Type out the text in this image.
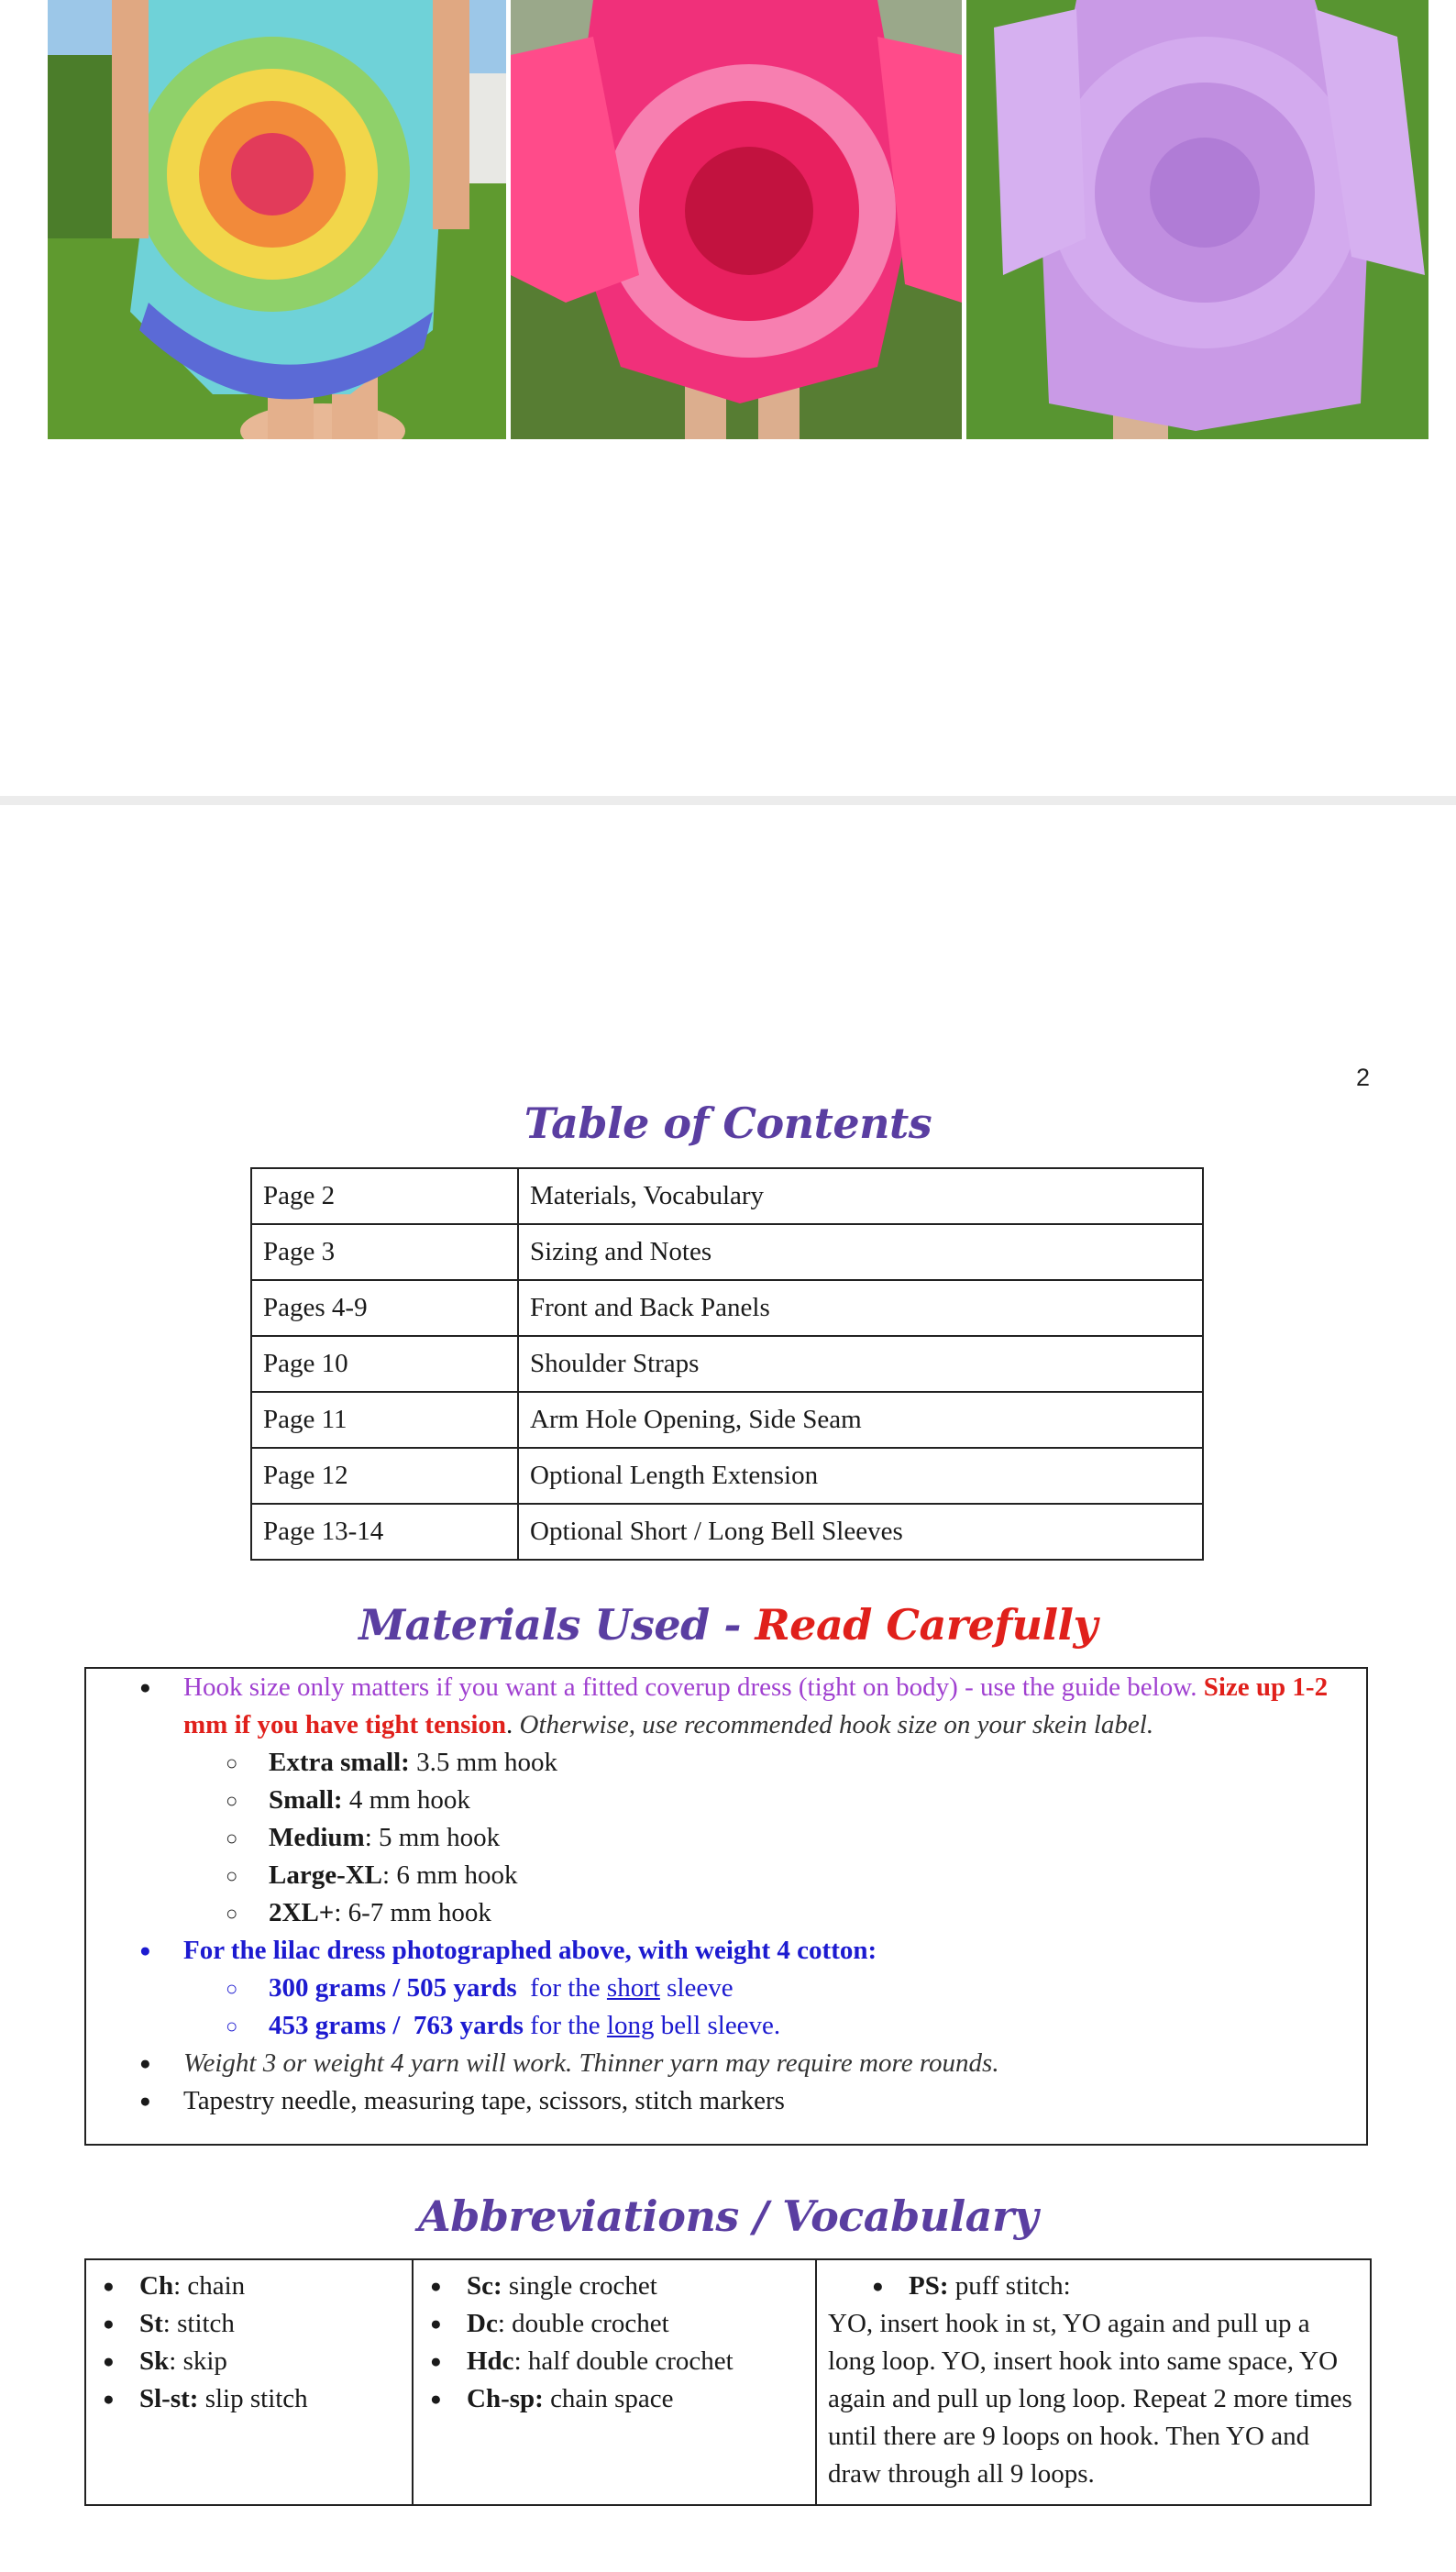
2
Table of Contents
Page 2	Materials, Vocabulary
Page 3	Sizing and Notes
Pages 4-9	Front and Back Panels
Page 10	Shoulder Straps
Page 11	Arm Hole Opening, Side Seam
Page 12	Optional Length Extension
Page 13-14	Optional Short / Long Bell Sleeves
Materials Used - Read Carefully
● Hook size only matters if you want a fitted coverup dress (tight on body) - use the guide below. Size up 1-2 mm if you have tight tension. Otherwise, use recommended hook size on your skein label.
○ Extra small: 3.5 mm hook
○ Small: 4 mm hook
○ Medium: 5 mm hook
○ Large-XL: 6 mm hook
○ 2XL+: 6-7 mm hook
● For the lilac dress photographed above, with weight 4 cotton:
○ 300 grams / 505 yards  for the short sleeve
○ 453 grams /  763 yards for the long bell sleeve.
● Weight 3 or weight 4 yarn will work. Thinner yarn may require more rounds.
● Tapestry needle, measuring tape, scissors, stitch markers
Abbreviations / Vocabulary
● Ch: chain
● St: stitch
● Sk: skip
● Sl-st: slip stitch

● Sc: single crochet
● Dc: double crochet
● Hdc: half double crochet
● Ch-sp: chain space

● PS: puff stitch:
YO, insert hook in st, YO again and pull up a long loop. YO, insert hook into same space, YO again and pull up long loop. Repeat 2 more times until there are 9 loops on hook. Then YO and draw through all 9 loops.
